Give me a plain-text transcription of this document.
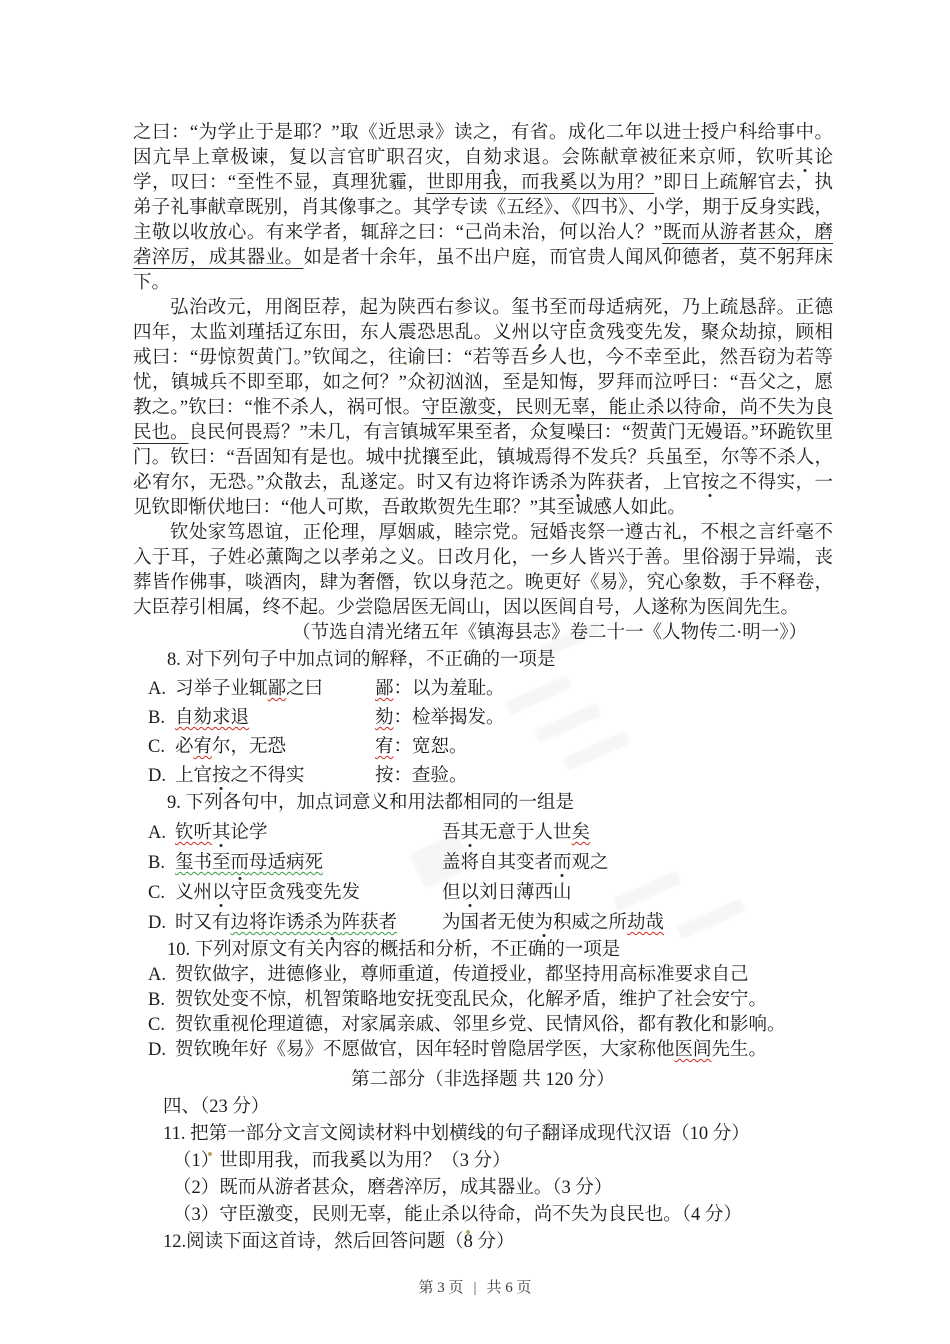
之曰：“为学止于是耶？”取《近思录》读之，有省。成化二年以进士授户科给事中。因亢旱上章极谏，复以言官旷职召灾，自劾求退。会陈献章被征来京师，钦听其论学，叹曰：“至性不显，真理犹霾，世即用我，而我奚以为用？”即日上疏解官去，执弟子礼事献章既别，肖其像事之。其学专读《五经》、《四书》、小学，期于反身实践，主敬以收放心。有来学者，辄辞之曰：“己尚未治，何以治人？”既而从游者甚众，磨砻淬厉，成其器业。如是者十余年，虽不出户庭，而官贵人闻风仰德者，莫不躬拜床下。

弘治改元，用阁臣荐，起为陕西右参议。玺书至而母适病死，乃上疏恳辞。正德四年，太监刘瑾括辽东田，东人震恐思乱。义州以守臣贪残变先发，聚众劫掠，顾相戒曰：“毋惊贺黄门。”钦闻之，往谕曰：“若等吾乡人也，今不幸至此，然吾窃为若等忧，镇城兵不即至耶，如之何？”众初汹汹，至是知悔，罗拜而泣呼曰：“吾父之，愿教之。”钦曰：“惟不杀人，祸可恨。守臣激变，民则无辜，能止杀以待命，尚不失为良民也。良民何畏焉？”未几，有言镇城军果至者，众复噪曰：“贺黄门无嫚语。”环跪钦里门。钦曰：“吾固知有是也。城中扰攘至此，镇城焉得不发兵？兵虽至，尔等不杀人，必宥尔，无恐。”众散去，乱遂定。时又有边将诈诱杀为阵获者，上官按之不得实，一见钦即惭伏地曰：“他人可欺，吾敢欺贺先生耶？”其至诚感人如此。

钦处家笃恩谊，正伦理，厚姻戚，睦宗党。冠婚丧祭一遵古礼，不根之言纤毫不入于耳，子姓必薰陶之以孝弟之义。日改月化，一乡人皆兴于善。里俗溺于异端，丧葬皆作佛事，啖酒肉，肆为奢僭，钦以身范之。晚更好《易》，究心象数，手不释卷，大臣荐引相属，终不起。少尝隐居医无闾山，因以医闾自号，人遂称为医闾先生。

（节选自清光绪五年《镇海县志》卷二十一《人物传二·明一》）

8. 对下列句子中加点词的解释，不正确的一项是

A. 习举子业辄鄙之曰	鄙：以为羞耻。
B. 自劾求退	劾：检举揭发。
C. 必宥尔，无恐	宥：宽恕。
D. 上官按之不得实	按：查验。

9. 下列各句中，加点词意义和用法都相同的一组是

A. 钦听其论学	吾其无意于人世矣
B. 玺书至而母适病死	盖将自其变者而观之
C. 义州以守臣贪残变先发	但以刘日薄西山
D. 时又有边将诈诱杀为阵获者	为国者无使为积威之所劫哉

10. 下列对原文有关内容的概括和分析，不正确的一项是

A. 贺钦做字，进德修业，尊师重道，传道授业，都坚持用高标准要求自己
B. 贺钦处变不惊，机智策略地安抚变乱民众，化解矛盾，维护了社会安宁。
C. 贺钦重视伦理道德，对家属亲戚、邻里乡党、民情风俗，都有教化和影响。
D. 贺钦晚年好《易》不愿做官，因年轻时曾隐居学医，大家称他医闾先生。

第二部分（非选择题 共 120 分）

四、（23 分）

11. 把第一部分文言文阅读材料中划横线的句子翻译成现代汉语（10 分）

（1）世即用我，而我奚以为用？（3 分）

（2）既而从游者甚众，磨砻淬厉，成其器业。（3 分）

（3）守臣激变，民则无辜，能止杀以待命，尚不失为良民也。（4 分）

12.阅读下面这首诗，然后回答问题（8 分）

第 3 页 | 共 6 页
